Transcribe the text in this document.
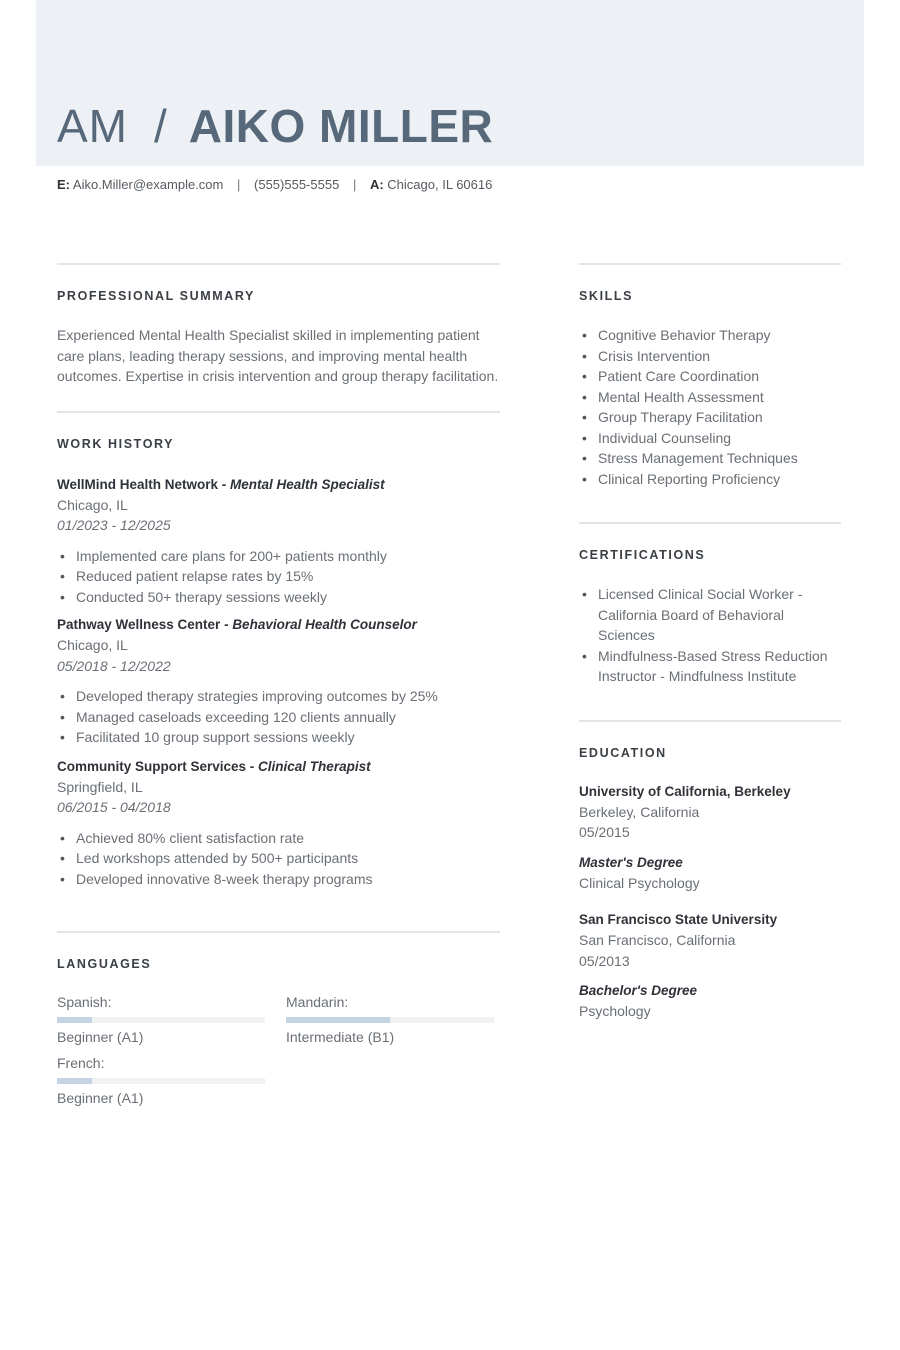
AM / AIKO MILLER
E: Aiko.Miller@example.com | (555)555-5555 | A: Chicago, IL 60616
PROFESSIONAL SUMMARY

Experienced Mental Health Specialist skilled in implementing patient care plans, leading therapy sessions, and improving mental health outcomes. Expertise in crisis intervention and group therapy facilitation.

WORK HISTORY
WellMind Health Network - Mental Health Specialist
Chicago, IL
01/2023 - 12/2025
• Implemented care plans for 200+ patients monthly
• Reduced patient relapse rates by 15%
• Conducted 50+ therapy sessions weekly
Pathway Wellness Center - Behavioral Health Counselor
Chicago, IL
05/2018 - 12/2022
• Developed therapy strategies improving outcomes by 25%
• Managed caseloads exceeding 120 clients annually
• Facilitated 10 group support sessions weekly
Community Support Services - Clinical Therapist
Springfield, IL
06/2015 - 04/2018
• Achieved 80% client satisfaction rate
• Led workshops attended by 500+ participants
• Developed innovative 8-week therapy programs
LANGUAGES
Spanish:
Beginner (A1)
Mandarin:
Intermediate (B1)
French:
Beginner (A1)
SKILLS
• Cognitive Behavior Therapy
• Crisis Intervention
• Patient Care Coordination
• Mental Health Assessment
• Group Therapy Facilitation
• Individual Counseling
• Stress Management Techniques
• Clinical Reporting Proficiency
CERTIFICATIONS
• Licensed Clinical Social Worker - California Board of Behavioral Sciences
• Mindfulness-Based Stress Reduction Instructor - Mindfulness Institute
EDUCATION
University of California, Berkeley
Berkeley, California
05/2015
Master's Degree
Clinical Psychology
San Francisco State University
San Francisco, California
05/2013
Bachelor's Degree
Psychology
